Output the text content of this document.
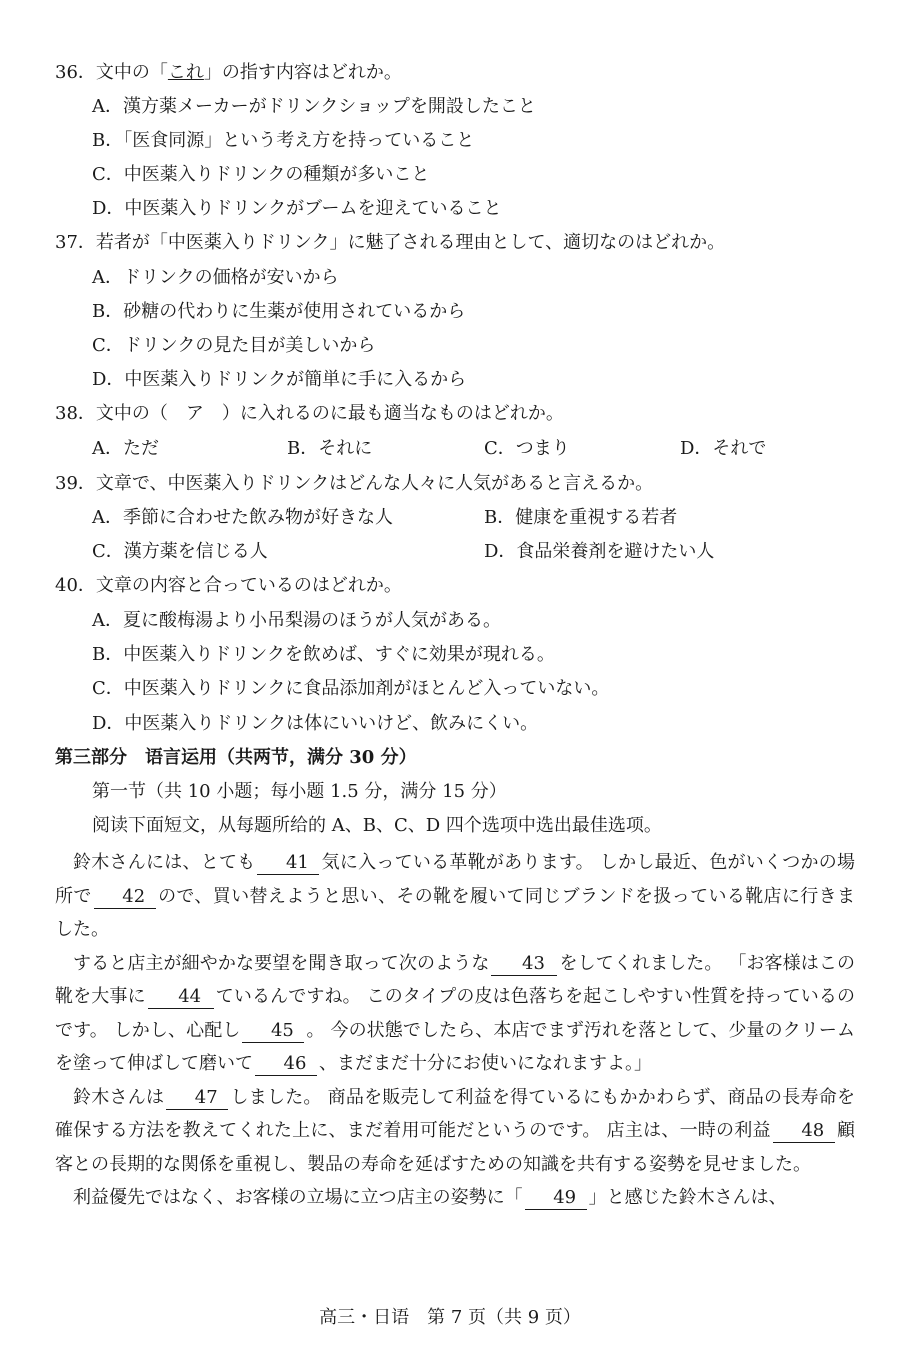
36．文中の「これ」の指す内容はどれか。
A．漢方薬メーカーがドリンクショップを開設したこと
B．「医食同源」という考え方を持っていること
C．中医薬入りドリンクの種類が多いこと
D．中医薬入りドリンクがブームを迎えていること
37．若者が「中医薬入りドリンク」に魅了される理由として、適切なのはどれか。
A．ドリンクの価格が安いから
B．砂糖の代わりに生薬が使用されているから
C．ドリンクの見た目が美しいから
D．中医薬入りドリンクが簡単に手に入るから
38．文中の（　ア　）に入れるのに最も適当なものはどれか。
A．ただ	B．それに	C．つまり	D．それで
39．文章で、中医薬入りドリンクはどんな人々に人気があると言えるか。
A．季節に合わせた飲み物が好きな人	B．健康を重視する若者
C．漢方薬を信じる人	D．食品栄養剤を避けたい人
40．文章の内容と合っているのはどれか。
A．夏に酸梅湯より小吊梨湯のほうが人気がある。
B．中医薬入りドリンクを飲めば、すぐに効果が現れる。
C．中医薬入りドリンクに食品添加剤がほとんど入っていない。
D．中医薬入りドリンクは体にいいけど、飲みにくい。
第三部分　语言运用（共两节，满分 30 分）
第一节（共 10 小题；每小题 1.5 分，满分 15 分）
阅读下面短文，从每题所给的 A、B、C、D 四个选项中选出最佳选项。

鈴木さんには、とても 41 気に入っている革靴があります。 しかし最近、色がいくつかの場所で 42 ので、買い替えようと思い、その靴を履いて同じブランドを扱っている靴店に行きました。

すると店主が細やかな要望を聞き取って次のような 43 をしてくれました。 「お客様はこの靴を大事に 44 ているんですね。 このタイプの皮は色落ちを起こしやすい性質を持っているのです。 しかし、心配し 45 。 今の状態でしたら、本店でまず汚れを落として、少量のクリームを塗って伸ばして磨いて 46 、まだまだ十分にお使いになれますよ。」

鈴木さんは 47 しました。 商品を販売して利益を得ているにもかかわらず、商品の長寿命を確保する方法を教えてくれた上に、まだ着用可能だというのです。 店主は、一時の利益 48 顧客との長期的な関係を重視し、製品の寿命を延ばすための知識を共有する姿勢を見せました。

利益優先ではなく、お客様の立場に立つ店主の姿勢に「 49 」と感じた鈴木さんは、

高三・日语　第 7 页（共 9 页）
